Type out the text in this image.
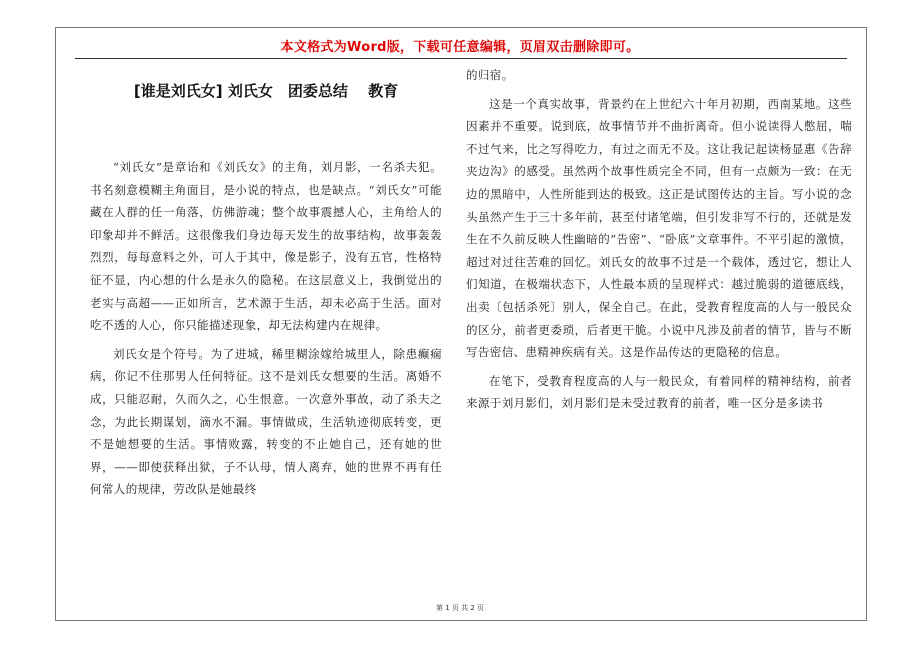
本文格式为Word版，下载可任意编辑，页眉双击删除即可。
[谁是刘氏女] 刘氏女　团委总结　 教育

“刘氏女”是章诒和《刘氏女》的主角，刘月影，一名杀夫犯。书名刻意模糊主角面目，是小说的特点，也是缺点。“刘氏女”可能藏在人群的任一角落，仿佛游魂；整个故事震撼人心，主角给人的印象却并不鲜活。这很像我们身边每天发生的故事结构，故事轰轰烈烈，每每意料之外，可人于其中，像是影子，没有五官，性格特征不显，内心想的什么是永久的隐秘。在这层意义上，我倒觉出的老实与高超——正如所言，艺术源于生活，却未必高于生活。面对吃不透的人心，你只能描述现象，却无法构建内在规律。

刘氏女是个符号。为了进城，稀里糊涂嫁给城里人，除患癫痫病，你记不住那男人任何特征。这不是刘氏女想要的生活。离婚不成，只能忍耐，久而久之，心生恨意。一次意外事故，动了杀夫之念，为此长期谋划，滴水不漏。事情做成，生活轨迹彻底转变，更不是她想要的生活。事情败露，转变的不止她自己，还有她的世界，——即使获释出狱，子不认母，情人离弃，她的世界不再有任何常人的规律，劳改队是她最终

的归宿。

这是一个真实故事，背景约在上世纪六十年月初期，西南某地。这些因素并不重要。说到底，故事情节并不曲折离奇。但小说读得人憋屈，喘不过气来，比之写得吃力，有过之而无不及。这让我记起读杨显惠《告辞夹边沟》的感受。虽然两个故事性质完全不同，但有一点颇为一致：在无边的黑暗中，人性所能到达的极致。这正是试图传达的主旨。写小说的念头虽然产生于三十多年前，甚至付诸笔端，但引发非写不行的，还就是发生在不久前反映人性幽暗的“告密”、“卧底”文章事件。不平引起的激愤，超过对过往苦难的回忆。刘氏女的故事不过是一个载体，透过它，想让人们知道，在极端状态下，人性最本质的呈现样式：越过脆弱的道德底线，出卖〔包括杀死〕别人，保全自己。在此，受教育程度高的人与一般民众的区分，前者更委琐，后者更干脆。小说中凡涉及前者的情节，皆与不断写告密信、患精神疾病有关。这是作品传达的更隐秘的信息。

在笔下，受教育程度高的人与一般民众，有着同样的精神结构，前者来源于刘月影们，刘月影们是未受过教育的前者，唯一区分是多读书

第 1 页 共 2 页
